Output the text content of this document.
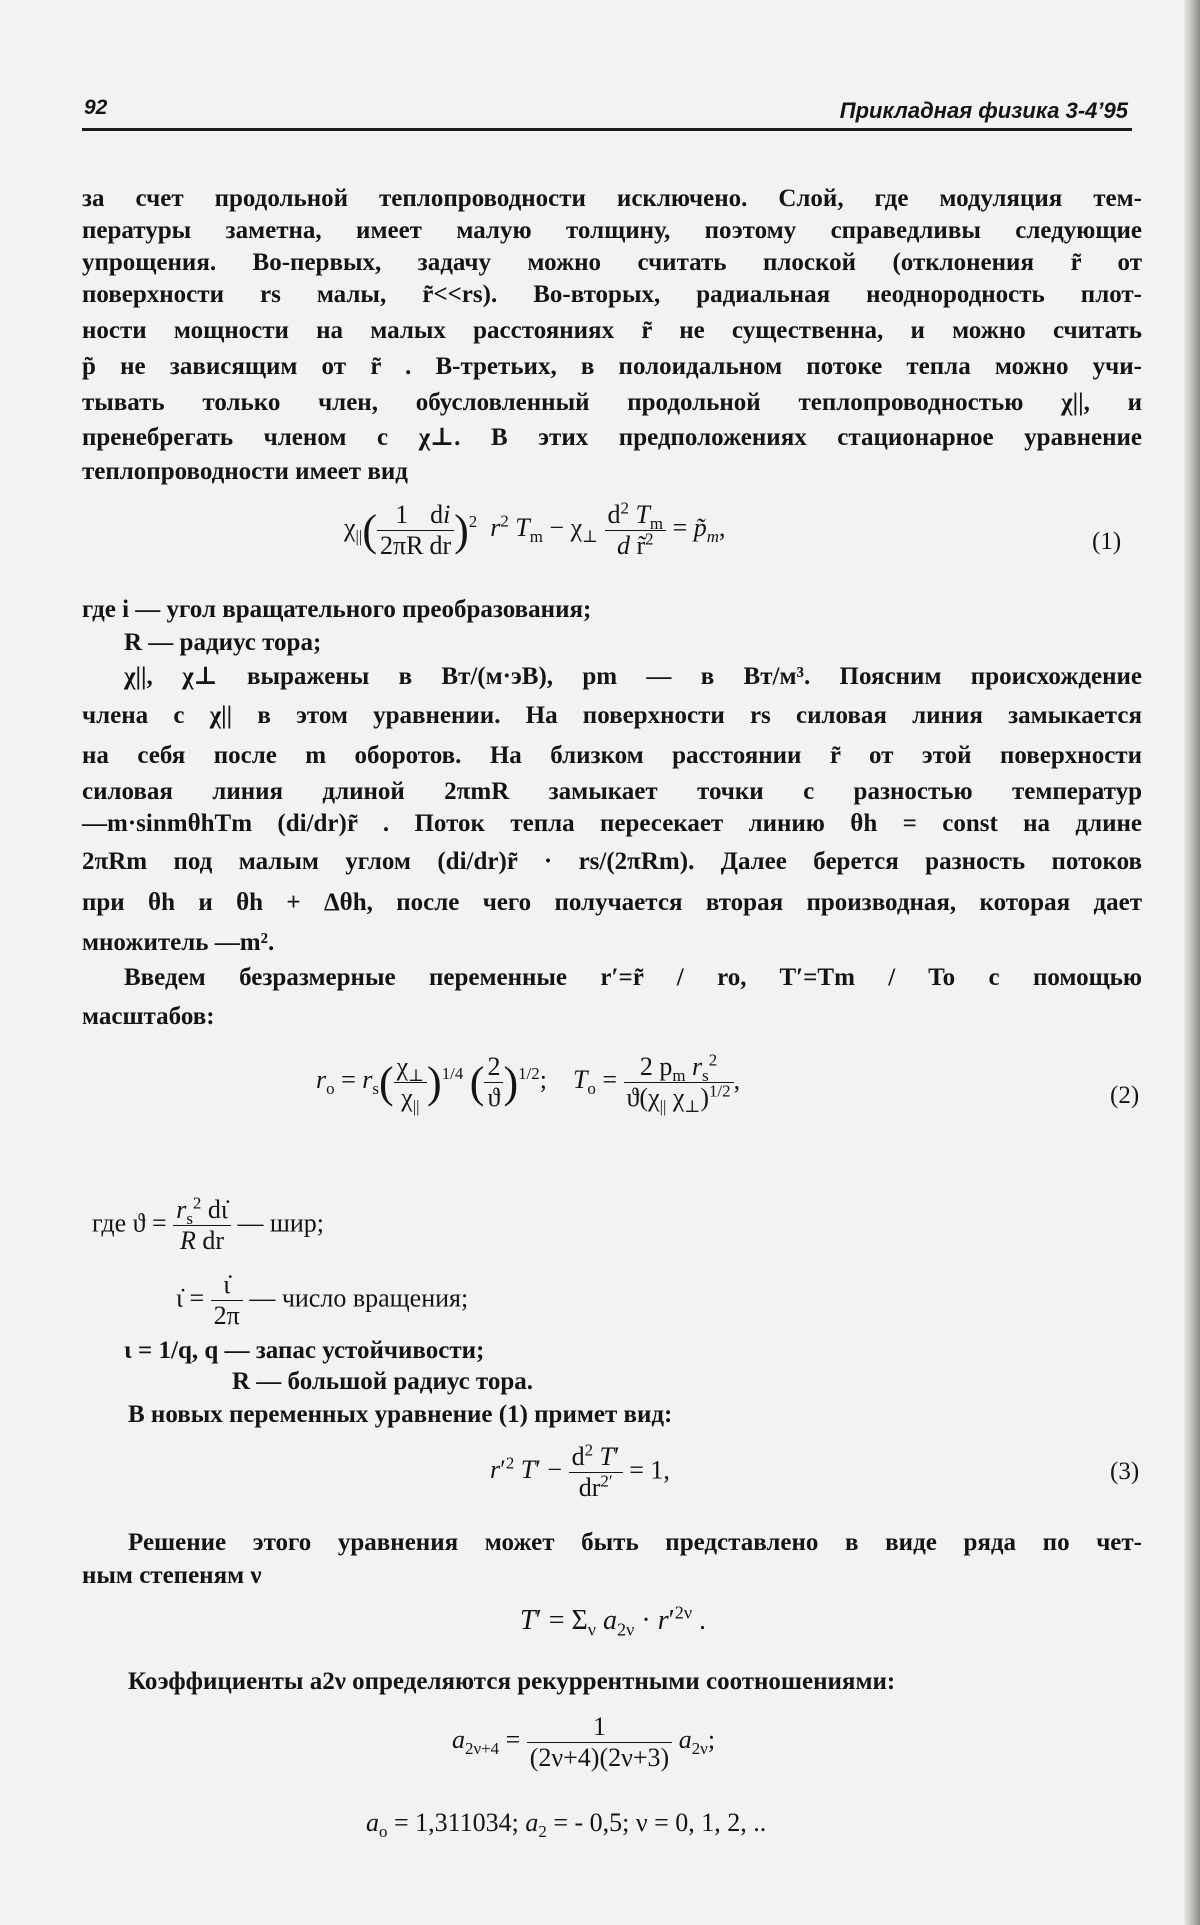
92	Прикладная физика 3-4’95
за счет продольной теплопроводности исключено. Слой, где модуляция тем-
пературы заметна, имеет малую толщину, поэтому справедливы следующие
упрощения. Во-первых, задачу можно считать плоской (отклонения r̃ от
поверхности rs малы, r̃<<rs). Во-вторых, радиальная неоднородность плот-
ности мощности на малых расстояниях r̃ не существенна, и можно считать
p̃ не зависящим от r̃ . В-третьих, в полоидальном потоке тепла можно учи-
тывать только член, обусловленный продольной теплопроводностью χ||, и
пренебрегать членом с χ⊥. В этих предположениях стационарное уравнение
теплопроводности имеет вид
$\chi_{||}( \frac{1}{2\pi R} \frac{di}{dr} )^2$ $r^2$ $T_m - \chi_\perp \frac{d^2 T_m}{d r̃^2}$ = $p̃_m$,	(1)
где i — угол вращательного преобразования;
R — радиус тора;
χ||, χ⊥ выражены в Вт/(м·эВ), pm — в Вт/м³. Поясним происхождение
члена с χ|| в этом уравнении. На поверхности rs силовая линия замыкается
на себя после m оборотов. На близком расстоянии r̃ от этой поверхности
силовая линия длиной 2πmR замыкает точки с разностью температур
—m·sinmθhTm (di/dr)r̃ . Поток тепла пересекает линию θh = const на длине
2πRm под малым углом (di/dr)r̃ · rs/(2πRm). Далее берется разность потоков
при θh и θh + Δθh, после чего получается вторая производная, которая дает
множитель —m².
Введем безразмерные переменные r′=r̃ / ro, T′=Tm / To с помощью
масштабов:
$r_o = r_s( \frac{\chi_\perp}{\chi_{||}} )^{1/4}$ ( $\frac{2}{ϑ} )^{1/2}$;    $T_o = \frac{2 p_m r_s^2}{ϑ(\chi_{||} \chi_\perp)^{1/2}}$ ,
(2)
где $ϑ = \frac{r_s^2 d\iotȧ}{\text{R dr}}$ — шир;
ι̇ = $\frac{\iotȧ}{2\pi}$ — число вращения;
ι = 1/q, q — запас устойчивости;
R — большой радиус тора.
В новых переменных уравнение (1) примет вид:
$r'^2$ $T' - \frac{d^2 T'}{dr^{2'}} = 1$,	(3)
Решение этого уравнения может быть представлено в виде ряда по чет-
ным степеням ν
$T' = \Sigma_\nu$ $a_{2\nu} \cdot r'^{2\nu}$ .
Коэффициенты a2ν определяются рекуррентными соотношениями:
$a_{2\nu+4} = \frac{1}{(2\nu+4)(2\nu+3)} a_{2\nu}$;
$a_o = 1,311034$; $a_2$ = - 0,5; ν = 0, 1, 2, ..
